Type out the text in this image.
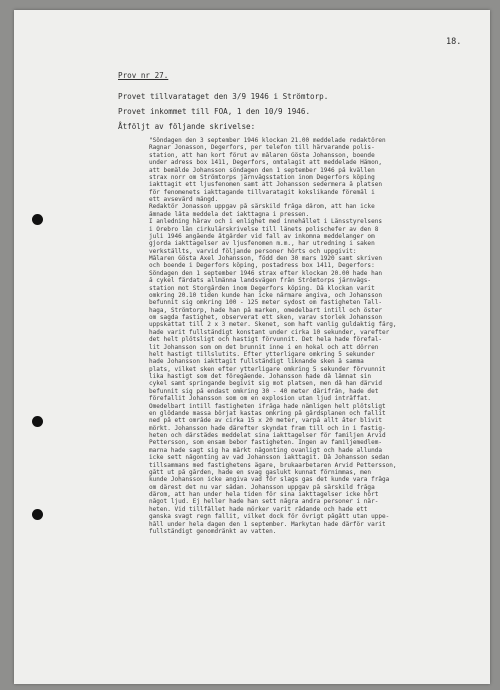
18.
Prov nr 27.
Provet tillvarataget den 3/9 1946 i Strömtorp.
Provet inkommet till FOA, 1 den 10/9 1946.
Åtföljt av följande skrivelse:
"Söndagen den 3 september 1946 klockan 21.00 meddelade redaktören
Ragnar Jonasson, Degerfors, per telefon till härvarande polis-
station, att han kort förut av målaren Gösta Johansson, boende
under adress box 1411, Degerfors, omtalagit att meddelade Hämon,
att bemälde Johansson söndagen den 1 september 1946 på kvällen
strax norr om Strömtorps järnvägsstation inom Degerfors köping
iakttagit ett ljusfenomen samt att Johansson sedermera å platsen
för fenomenets iakttagande tillvaratagit kokslikande föremål i
ett avsevärd mängd.
Redaktör Jonasson uppgav på särskild fråga därom, att han icke
ämnade låta meddela det iakttagna i pressen.
I anledning härav och i enlighet med innehållet i Länsstyrelsens
i Örebro län cirkulärskrivelse till länets polischefer av den 8
juli 1946 angående åtgärder vid fall av inkomna meddelanger om
gjorda iakttagelser av ljusfenomen m.m., har utredning i saken
verkställts, varvid följande personer hörts och uppgivit:
Målaren Gösta Axel Johansson, född den 30 mars 1920 samt skriven
och boende i Degerfors köping, postadress box 1411, Degerfors:
Söndagen den 1 september 1946 strax efter klockan 20.00 hade han
å cykel färdats allmänna landsvägen från Strömtorps järnvägs-
station mot Storgården inom Degerfors köping. Då klockan varit
omkring 20.10 tiden kunde han icke närmare angiva, och Johansson
befunnit sig omkring 100 - 125 meter sydost om fastigheten Tall-
haga, Strömtorp, hade han på marken, omedelbart intill och öster
om sagda fastighet, observerat ett sken, varav storlek Johansson
uppskattat till 2 x 3 meter. Skenet, som haft vanlig guldaktig färg,
hade varit fullständigt konstant under cirka 10 sekunder, varefter
det helt plötsligt och hastigt förvunnit. Det hela hade förefal-
lit Johansson som om det brunnit inne i en hokal och att dörren
helt hastigt tillslutits. Efter ytterligare omkring 5 sekunder
hade Johansson iakttagit fullständigt liknande sken å samma
plats, vilket sken efter ytterligare omkring 5 sekunder förvunnit
lika hastigt som det föregående. Johansson hade då lämnat sin
cykel samt springande begivit sig mot platsen, men då han därvid
befunnit sig på endast omkring 30 - 40 meter därifrån, hade det
förefallit Johansson som om en explosion utan ljud inträffat.
Omedelbart intill fastigheten ifråga hade nämligen helt plötsligt
en glödande massa börjat kastas omkring på gårdsplanen och fallit
ned på ett område av cirka 15 x 20 meter, varpå allt åter blivit
mörkt. Johansson hade därefter skyndat fram till och in i fastig-
heten och därstädes meddelat sina iakttagelser för familjen Arvid
Pettersson, som ensam bebor fastigheten. Ingen av familjemedlem-
marna hade sagt sig ha märkt någonting ovanligt och hade allunda
icke sett någonting av vad Johansson iakttagit. Då Johansson sedan
tillsammans med fastighetens ägare, brukaarbetaren Arvid Pettersson,
gått ut på gården, hade en svag gaslukt kunnat förnimmas, men
kunde Johansson icke angiva vad för slags gas det kunde vara fråga
om därest det nu var sådan. Johansson uppgav på särskild fråga
därom, att han under hela tiden för sina iakttagelser icke hört
något ljud. Ej heller hade han sett några andra personer i när-
heten. Vid tillfället hade mörker varit rådande och hade ett
ganska svagt regn fallit, vilket dock för övrigt pågått utan uppe-
håll under hela dagen den 1 september. Markytan hade därför varit
fullständigt genomdränkt av vatten.
